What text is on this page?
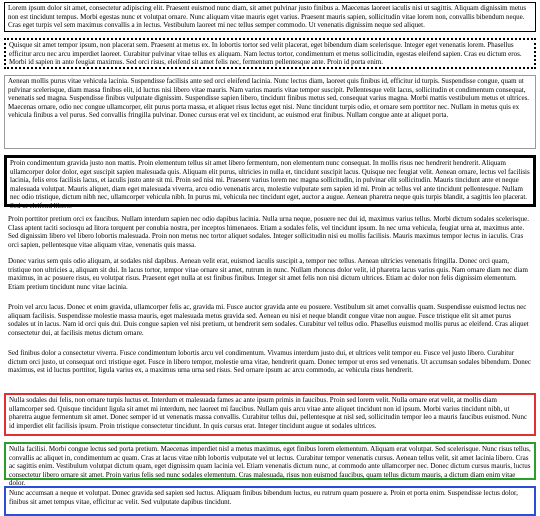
Lorem ipsum dolor sit amet, consectetur adipiscing elit. Praesent euismod nunc diam, sit amet pulvinar justo finibus a. Maecenas laoreet iaculis nisi ut sagittis. Aliquam dignissim metus non est tincidunt tempus. Morbi egestas nunc et volutpat ornare. Nunc aliquam vitae mauris eget varius. Praesent mauris sapien, sollicitudin vitae lorem non, convallis bibendum neque. Cras eget turpis vel sem maximus convallis a in lectus. Vestibulum laoreet mi nec tellus semper commodo. Ut venenatis dignissim neque sed aliquet.
Quisque sit amet tempor ipsum, non placerat sem. Praesent at metus ex. In lobortis tortor sed velit placerat, eget bibendum diam scelerisque. Integer eget venenatis lorem. Phasellus efficitur arcu nec arcu imperdiet laoreet. Curabitur pulvinar vitae tellus ex aliquam. Nam lectus tortor, condimentum et metus sollicitudin, egestas eleifend sapien. Cras eu dictum eros. Morbi id sapien in ante feugiat maximus. Sed orci risus, eleifend sit amet felis nec, fermentum pellentesque ante. Proin id porta enim.
Aenean mollis purus vitae vehicula lacinia. Suspendisse facilisis ante sed orci eleifend lacinia. Nunc lectus diam, laoreet quis finibus id, efficitur id turpis. Suspendisse congue, quam ut pulvinar scelerisque, diam massa finibus elit, id luctus nisi libero vitae mauris. Nam varius mauris vitae tempor suscipit. Pellentesque velit lacus, sollicitudin et condimentum consequat, venenatis sed magna. Suspendisse finibus vulputate dignissim. Suspendisse sapien libero, tincidunt finibus metus sed, consequat varius magna. Morbi mattis vestibulum metus et ultrices. Maecenas ornare, odio nec congue ullamcorper, elit purus porta massa, et aliquet risus lectus eget nisi. Nunc tincidunt turpis odio, et ornare sem porttitor nec. Nullam in metus quis ex vehicula finibus a vel purus. Sed convallis fringilla pulvinar. Donec cursus erat vel ex tincidunt, ac euismod erat finibus. Nullam congue ante at aliquet porta.
Proin condimentum gravida justo non mattis. Proin elementum tellus sit amet libero fermentum, non elementum nunc consequat. In mollis risus nec hendrerit hendrerit. Aliquam ullamcorper dolor dolor, eget suscipit sapien malesuada quis. Aliquam elit purus, ultricies in nulla et, tincidunt suscipit lacus. Quisque nec feugiat velit. Aenean ornare, lectus vel facilisis lacinia, felis eros facilisis lacus, et iaculis justo ante sit mi. Proin sed nisi mi. Praesent varius lorem nec magna sollicitudin, in pulvinar elit sollicitudin. Mauris tincidunt ante et neque malesuada volutpat. Mauris aliquet, diam eget malesuada viverra, arcu odio venenatis arcu, molestie vulputate sem sapien id mi. Proin ac tellus vel ante tincidunt pellentesque. Nullam nec odio tristique, dictum nibh nec, ullamcorper vehicula nibh. In purus mi, vehicula nec tincidunt eget, auctor a augue. Aenean pharetra neque quis turpis blandit, a sagittis leo placerat. Sed ut eleifend libero.
Proin porttitor pretium orci ex faucibus. Nullam interdum sapien nec odio dapibus lacinia. Nulla urna neque, posuere nec dui id, maximus varius tellus. Morbi dictum sodales scelerisque. Class aptent taciti sociosqu ad litora torquent per conubia nostra, per inceptos himenaeos. Etiam a sodales felis, vel tincidunt ipsum. In nec urna vehicula, feugiat urna at, maximus ante. Sed dignissim libero vel libero lobortis malesuada. Proin non metus nec tortor aliquet sodales. Integer sollicitudin nisi eu mollis facilisis. Mauris maximus tempor lectus in iaculis. Cras orci sapien, pellentesque vitae aliquam vitae, venenatis quis massa.
Donec varius sem quis odio aliquam, at sodales nisl dapibus. Aenean velit erat, euismod iaculis suscipit a, tempor nec tellus. Aenean ultricies venenatis fringilla. Donec orci quam, tristique non ultricies a, aliquam sit dui. In lacus tortor, tempor vitae ornare sit amet, rutrum in nunc. Nullam rhoncus dolor velit, id pharetra lacus varius quis. Nam ornare diam nec diam maximus, in ac posuere risus, eu volutpat risus. Praesent eget nulla at est finibus finibus. Integer sit amet felis non nisi dictum ultrices. Etiam ac dolor non felis dignissim elementum. Etiam pretium tincidunt nunc vitae lacinia.
Proin vel arcu lacus. Donec et enim gravida, ullamcorper felis ac, gravida mi. Fusce auctor gravida ante eu posuere. Vestibulum sit amet convallis quam. Suspendisse euismod lectus nec aliquam facilisis. Suspendisse molestie massa mauris, eget malesuada metus gravida sed. Aenean eu nisi et neque blandit congue vitae non augue. Fusce tristique elit sit amet purus sodales ut in lacus. Nam id orci quis dui. Duis congue sapien vel nisi pretium, ut hendrerit sem sodales. Curabitur vel tellus odio. Phasellus euismod mollis purus ac eleifend. Cras aliquet consectetur dui, at facilisis metus dictum ornare.
Sed finibus dolor a consectetur viverra. Fusce condimentum lobortis arcu vel condimentum. Vivamus interdum justo dui, et ultrices velit tempor eu. Fusce vel justo libero. Curabitur dictum orci justo, ut consequat orci tristique eget. Fusce in libero tempor, molestie urna vitae, hendrerit quam. Donec tempor ut eros sed venenatis. Ut accumsan sodales bibendum. Donec maximus, est id luctus porttitor, ligula varius ex, a maximus urna urna sed risus. Sed ornare ipsum ac arcu commodo, ac vehicula risus hendrerit.
Nulla sodales dui felis, non ornare turpis luctus et. Interdum et malesuada fames ac ante ipsum primis in faucibus. Proin sed lorem velit. Nulla ornare erat velit, at mollis diam ullamcorper sed. Quisque tincidunt ligula sit amet mi interdum, nec laoreet mi faucibus. Nullam quis arcu vitae ante aliquet tincidunt non id ipsum. Morbi varius tincidunt nibh, ut pharetra augue fermentum sit amet. Donec semper id ut venenatis massa convallis. Curabitur tellus dui, pellentesque at nisl sed, sollicitudin tempor leo a mauris faucibus euismod. Nunc id imperdiet elit facilisis ipsum. Proin tristique consectetur tincidunt. In quis cursus erat. Integer tincidunt augue ut sodales ultrices.
Nulla facilisi. Morbi congue lectus sed porta pretium. Maecenas imperdiet nisl a metus maximus, eget finibus lorem elementum. Aliquam erat volutpat. Sed scelerisque. Nunc risus tellus, convallis ac aliquet in, condimentum ac quam. Cras at lacus vitae nibh lobortis vulputate vel ut lectus. Curabitur tempor venenatis cursus. Aenean tellus velit, sit amet lacinia libero. Cras ac sagittis enim. Vestibulum volutpat dictum quam, eget dignissim quam lacinia vel. Etiam venenatis dictum nunc, at commodo ante ullamcorper nec. Donec dictum cursus mauris, luctus consectetur libero ornare sit amet. Proin varius felis sed nunc sodales elementum. Cras malesuada, risus non euismod faucibus, quam tellus dictum mauris, a dictum diam enim vitae dolor.
Nunc accumsan a neque et volutpat. Donec gravida sed sapien sed luctus. Aliquam finibus bibendum luctus, eu rutrum quam posuere a. Proin et porta enim. Suspendisse lectus dolor, finibus sit amet tempus vitae, efficitur ac velit. Sed vulputate dapibus tincidunt.
